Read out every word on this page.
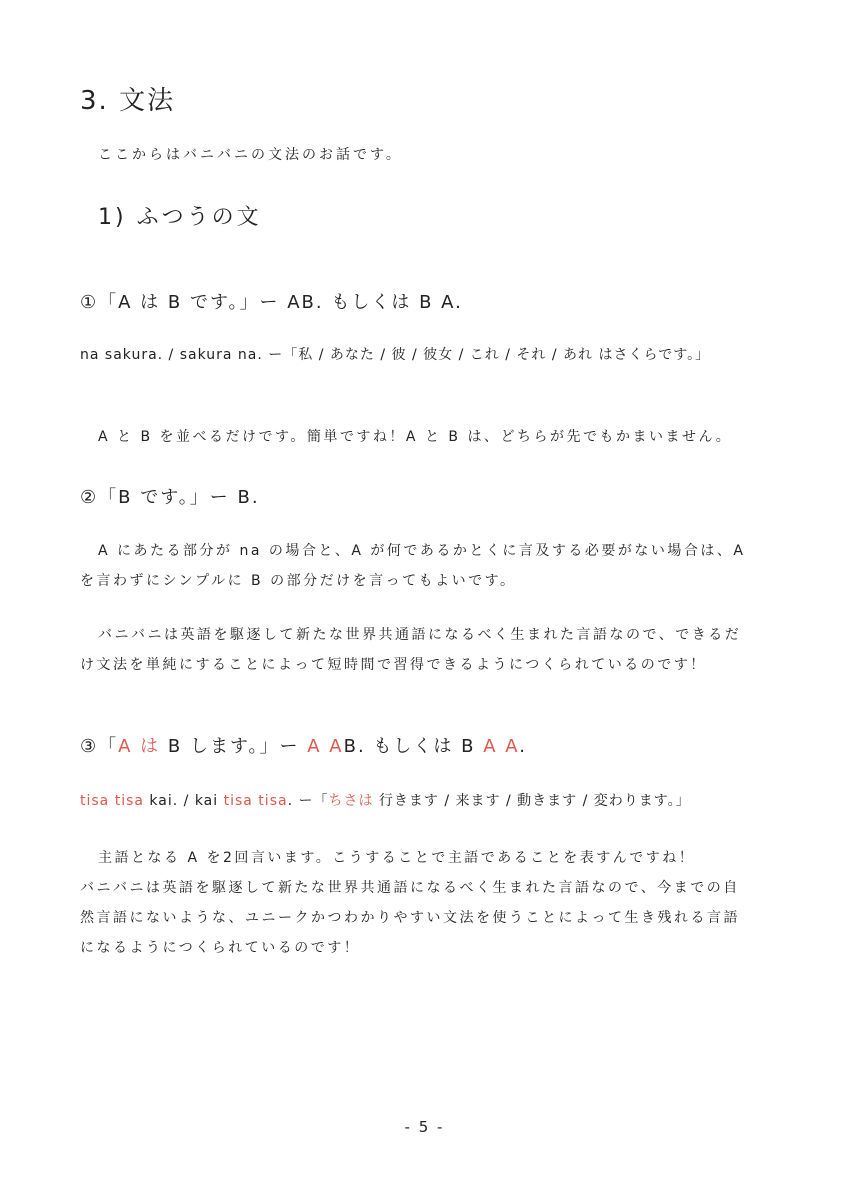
3. 文法
ここからはバニバニの文法のお話です。
1) ふつうの文
①「A は B です。」ー AB. もしくは B A.
na sakura. / sakura na. ー「私 / あなた / 彼 / 彼女 / これ / それ / あれ はさくらです。」
A と B を並べるだけです。簡単ですね！A と B は、どちらが先でもかまいません。
②「B です。」ー B.
A にあたる部分が na の場合と、A が何であるかとくに言及する必要がない場合は、A
を言わずにシンプルに B の部分だけを言ってもよいです。
バニバニは英語を駆逐して新たな世界共通語になるべく生まれた言語なので、できるだ
け文法を単純にすることによって短時間で習得できるようにつくられているのです！
③「A は B します。」ー A AB. もしくは B A A.
tisa tisa kai. / kai tisa tisa. ー「ちさは 行きます / 来ます / 動きます / 変わります。」
主語となる A を2回言います。こうすることで主語であることを表すんですね！
バニバニは英語を駆逐して新たな世界共通語になるべく生まれた言語なので、今までの自
然言語にないような、ユニークかつわかりやすい文法を使うことによって生き残れる言語
になるようにつくられているのです！
- 5 -
